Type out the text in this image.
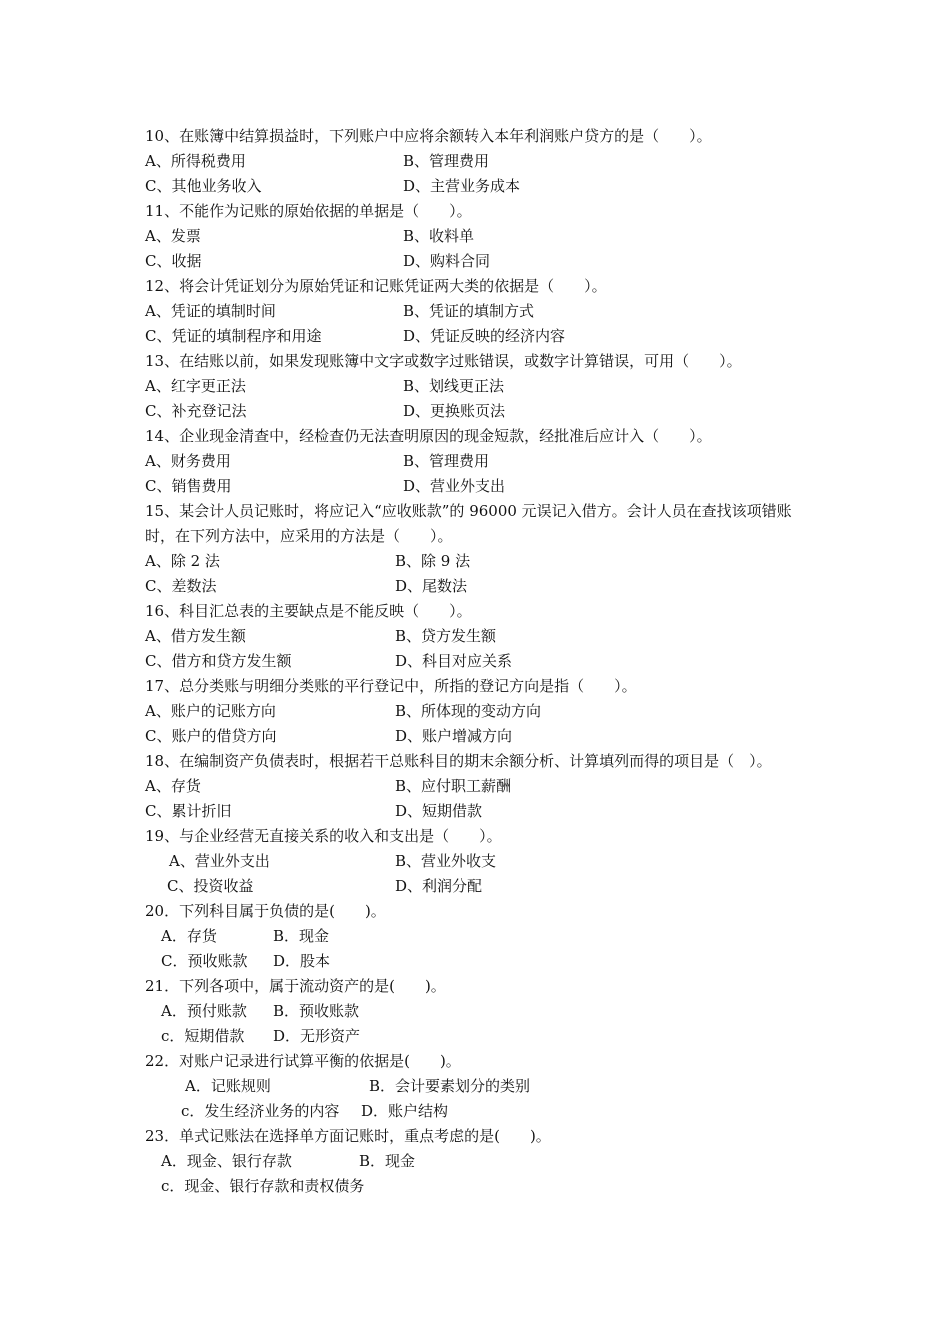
10、在账簿中结算损益时，下列账户中应将余额转入本年利润账户贷方的是（　　）。
A、所得税费用	B、管理费用
C、其他业务收入	D、主营业务成本
11、不能作为记账的原始依据的单据是（　　）。
A、发票	B、收料单
C、收据	D、购料合同
12、将会计凭证划分为原始凭证和记账凭证两大类的依据是（　　）。
A、凭证的填制时间	B、凭证的填制方式
C、凭证的填制程序和用途	D、凭证反映的经济内容
13、在结账以前，如果发现账簿中文字或数字过账错误，或数字计算错误，可用（　　）。
A、红字更正法	B、划线更正法
C、补充登记法	D、更换账页法
14、企业现金清查中，经检查仍无法查明原因的现金短款，经批准后应计入（　　）。
A、财务费用	B、管理费用
C、销售费用	D、营业外支出
15、某会计人员记账时，将应记入“应收账款”的 96000 元误记入借方。会计人员在查找该项错账时，在下列方法中，应采用的方法是（　　）。
A、除 2 法	B、除 9 法
C、差数法	D、尾数法
16、科目汇总表的主要缺点是不能反映（　　）。
A、借方发生额	B、贷方发生额
C、借方和贷方发生额	D、科目对应关系
17、总分类账与明细分类账的平行登记中，所指的登记方向是指（　　）。
A、账户的记账方向	B、所体现的变动方向
C、账户的借贷方向	D、账户增减方向
18、在编制资产负债表时，根据若干总账科目的期末余额分析、计算填列而得的项目是（　）。
A、存货	B、应付职工薪酬
C、累计折旧	D、短期借款
19、与企业经营无直接关系的收入和支出是（　　）。
A、营业外支出	B、营业外收支
C、投资收益	D、利润分配
20．下列科目属于负债的是(　　)。
A．存货	B．现金
C．预收账款 D．股本
21．下列各项中，属于流动资产的是(　　)。
A．预付账款 B．预收账款
c．短期借款 D．无形资产
22．对账户记录进行试算平衡的依据是(　　)。
A．记账规则	B．会计要素划分的类别
c．发生经济业务的内容 D．账户结构
23．单式记账法在选择单方面记账时，重点考虑的是(　　)。
A．现金、银行存款	B．现金
c．现金、银行存款和责权债务
